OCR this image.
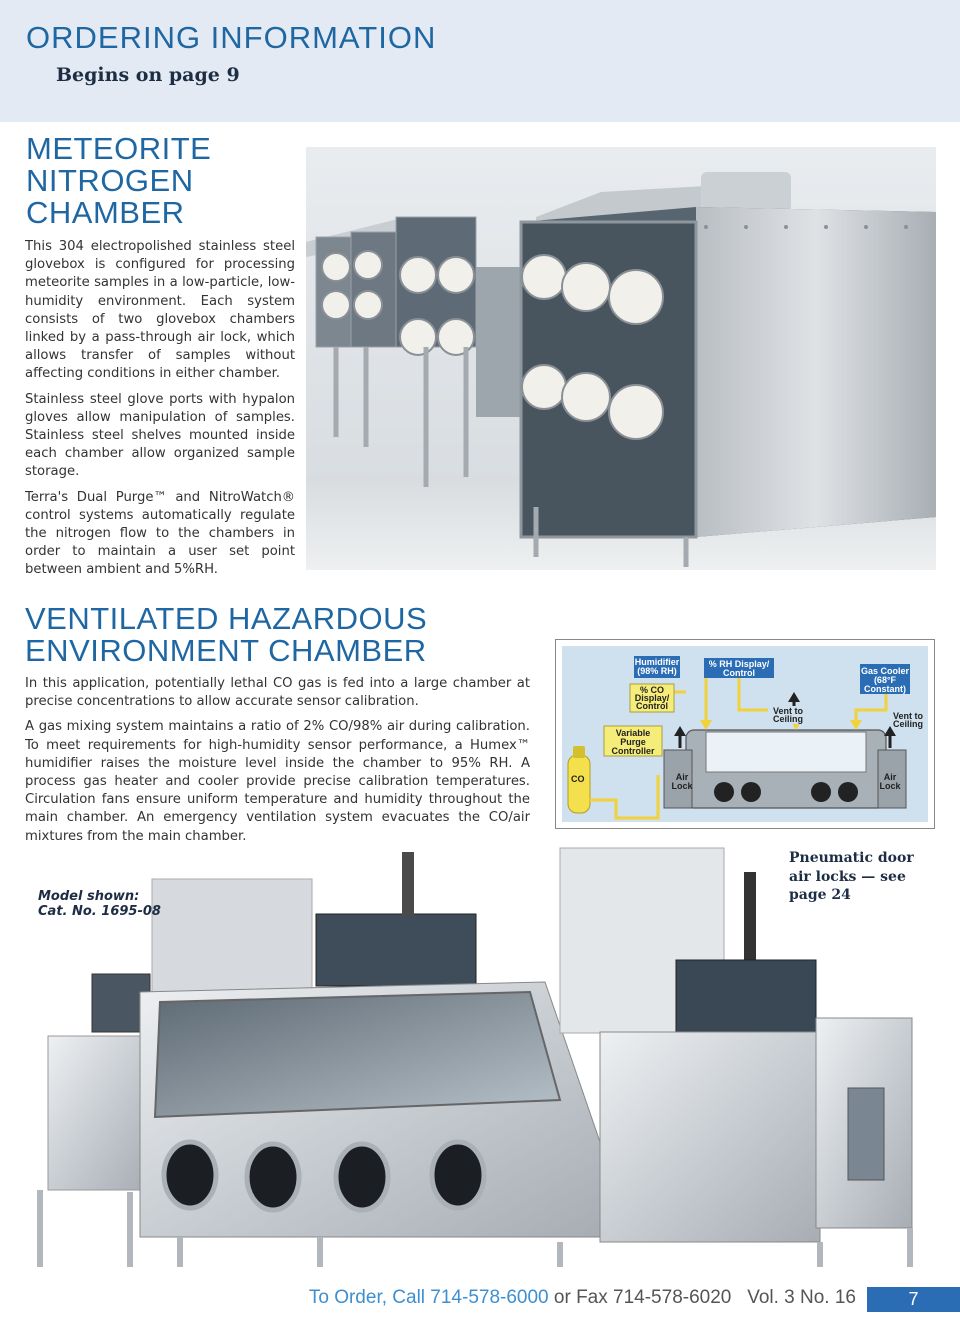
ORDERING INFORMATION
Begins on page 9
METEORITE
NITROGEN
CHAMBER

This 304 electropolished stainless steel glovebox is configured for processing meteorite samples in a low-particle, low-humidity environment. Each system consists of two glovebox chambers linked by a pass-through air lock, which allows transfer of samples without affecting conditions in either chamber.

Stainless steel glove ports with hypalon gloves allow manipulation of samples. Stainless steel shelves mounted inside each chamber allow organized sample storage.

Terra's Dual Purge™ and NitroWatch® control systems automatically regulate the nitrogen flow to the chambers in order to maintain a user set point between ambient and 5%RH.

VENTILATED HAZARDOUS
ENVIRONMENT CHAMBER

In this application, potentially lethal CO gas is fed into a large chamber at precise concentrations to allow accurate sensor calibration.

A gas mixing system maintains a ratio of 2% CO/98% air during calibration. To meet requirements for high-humidity sensor performance, a Humex™ humidifier raises the moisture level inside the chamber to 95% RH. A process gas heater and cooler provide precise calibration temperatures. Circulation fans ensure uniform temperature and humidity throughout the main chamber. An emergency ventilation system evacuates the CO/air mixtures from the main chamber.

CO
Humidifier
(98% RH)
% RH Display/
Control	Gas Cooler
(68°F
Constant)
% CO
Display/
Control
Variable
Purge
Controller
Vent to
Ceiling	Vent to
Ceiling
Air
Lock
Air
Lock
Model shown:
Cat. No. 1695-08
Pneumatic door
air locks — see
page 24
To Order, Call 714-578-6000 or Fax 714-578-6020 Vol. 3 No. 16	7
